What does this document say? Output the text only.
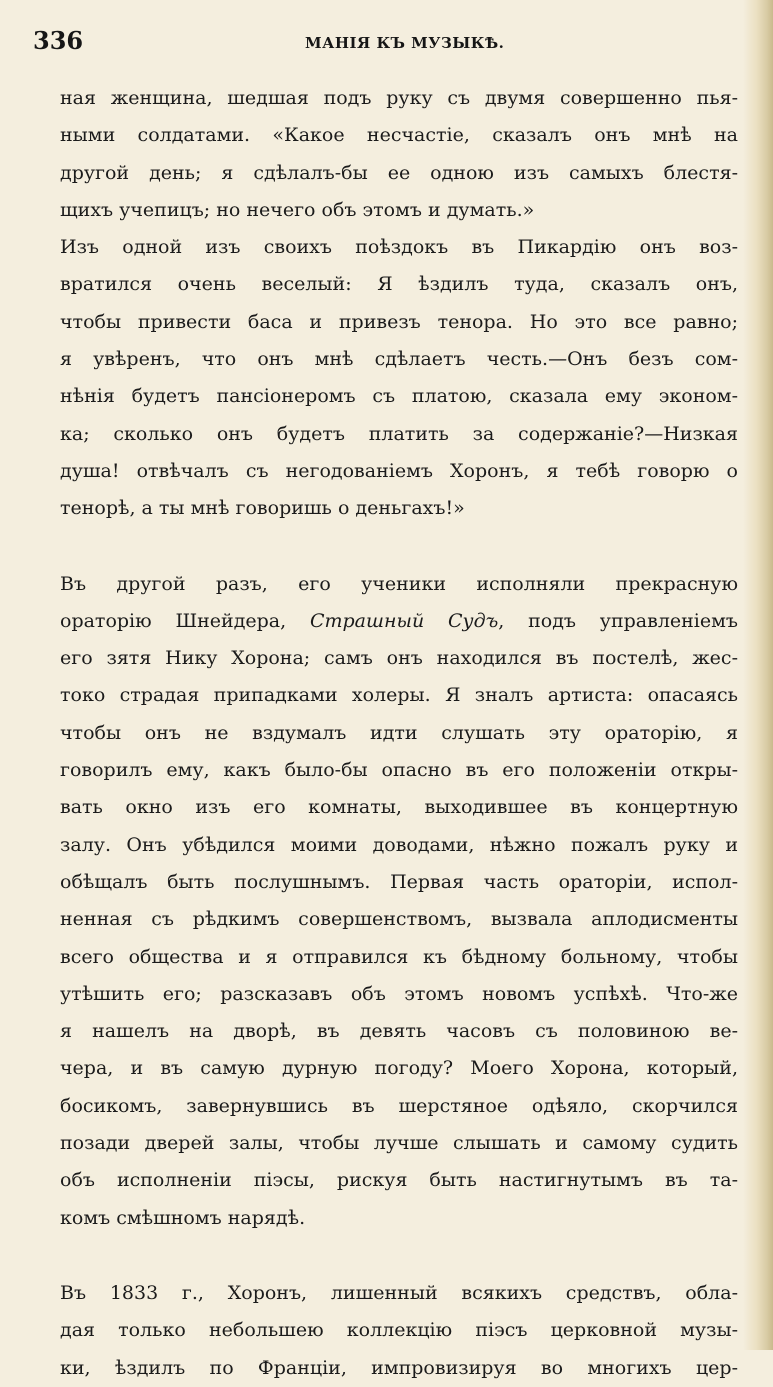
336	МАНІЯ КЪ МУЗЫКѢ.
ная женщина, шедшая подъ руку съ двумя совершенно пья-
ными солдатами. «Какое несчастіе, сказалъ онъ мнѣ на
другой день; я сдѣлалъ-бы ее одною изъ самыхъ блестя-
щихъ учепицъ; но нечего объ этомъ и думать.»
Изъ одной изъ своихъ поѣздокъ въ Пикардію онъ воз-
вратился очень веселый: Я ѣздилъ туда, сказалъ онъ,
чтобы привести баса и привезъ тенора. Но это все равно;
я увѣренъ, что онъ мнѣ сдѣлаетъ честь.—Онъ безъ сом-
нѣнія будетъ пансіонеромъ съ платою, сказала ему эконом-
ка; сколько онъ будетъ платить за содержаніе?—Низкая
душа! отвѣчалъ съ негодованіемъ Хоронъ, я тебѣ говорю о
тенорѣ, а ты мнѣ говоришь о деньгахъ!»
Въ другой разъ, его ученики исполняли прекрасную
ораторію Шнейдера, Страшный Судъ, подъ управленіемъ
его зятя Нику Хорона; самъ онъ находился въ постелѣ, жес-
токо страдая припадками холеры. Я зналъ артиста: опасаясь
чтобы онъ не вздумалъ идти слушать эту ораторію, я
говорилъ ему, какъ было-бы опасно въ его положеніи откры-
вать окно изъ его комнаты, выходившее въ концертную
залу. Онъ убѣдился моими доводами, нѣжно пожалъ руку и
обѣщалъ быть послушнымъ. Первая часть ораторіи, испол-
ненная съ рѣдкимъ совершенствомъ, вызвала аплодисменты
всего общества и я отправился къ бѣдному больному, чтобы
утѣшить его; разсказавъ объ этомъ новомъ успѣхѣ. Что-же
я нашелъ на дворѣ, въ девять часовъ съ половиною ве-
чера, и въ самую дурную погоду? Моего Хорона, который,
босикомъ, завернувшись въ шерстяное одѣяло, скорчился
позади дверей залы, чтобы лучше слышать и самому судить
объ исполненіи піэсы, рискуя быть настигнутымъ въ та-
комъ смѣшномъ нарядѣ.
Въ 1833 г., Хоронъ, лишенный всякихъ средствъ, обла-
дая только небольшею коллекцію піэсъ церковной музы-
ки, ѣздилъ по Франціи, импровизируя во многихъ цер-
